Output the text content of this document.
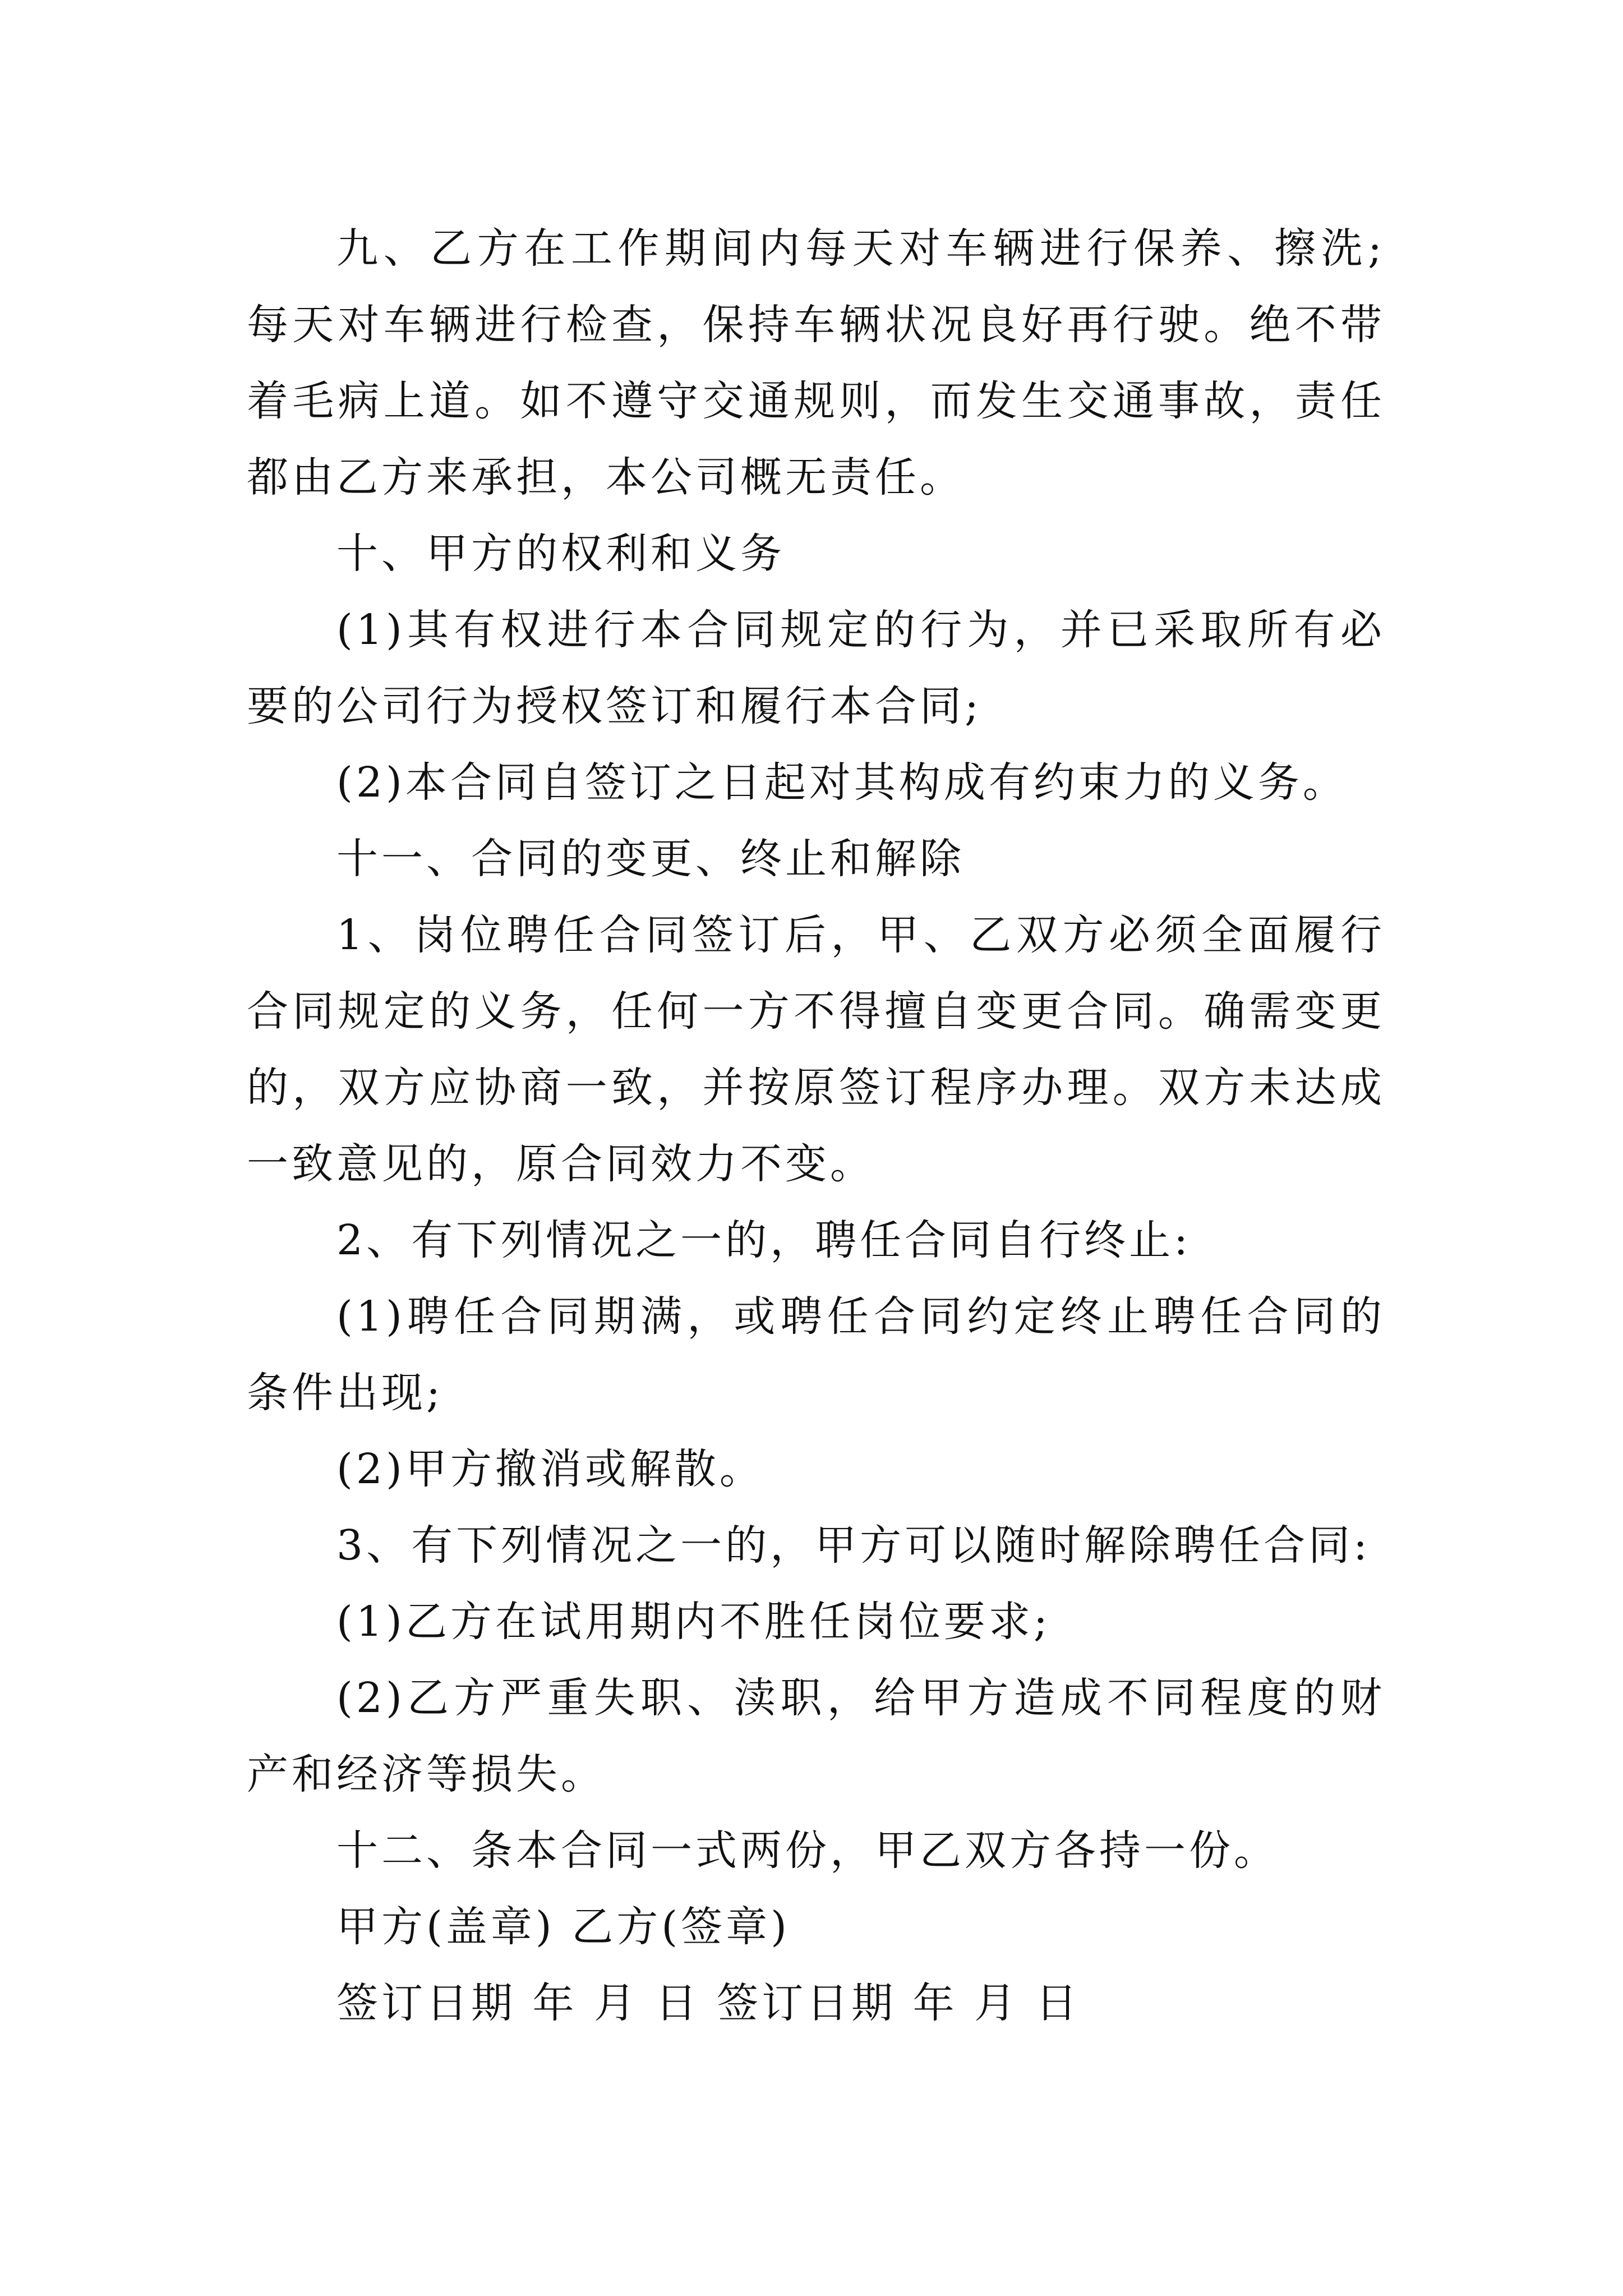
九、乙方在工作期间内每天对车辆进行保养、擦洗;每天对车辆进行检查，保持车辆状况良好再行驶。绝不带着毛病上道。如不遵守交通规则，而发生交通事故，责任都由乙方来承担，本公司概无责任。

十、甲方的权利和义务

(1)其有权进行本合同规定的行为，并已采取所有必要的公司行为授权签订和履行本合同;

(2)本合同自签订之日起对其构成有约束力的义务。

十一、合同的变更、终止和解除

1、岗位聘任合同签订后，甲、乙双方必须全面履行合同规定的义务，任何一方不得擅自变更合同。确需变更的，双方应协商一致，并按原签订程序办理。双方未达成一致意见的，原合同效力不变。

2、有下列情况之一的，聘任合同自行终止:

(1)聘任合同期满，或聘任合同约定终止聘任合同的条件出现;

(2)甲方撤消或解散。

3、有下列情况之一的，甲方可以随时解除聘任合同:

(1)乙方在试用期内不胜任岗位要求;

(2)乙方严重失职、渎职，给甲方造成不同程度的财产和经济等损失。

十二、条本合同一式两份，甲乙双方各持一份。

甲方(盖章) 乙方(签章)

签订日期 年 月 日 签订日期 年 月 日
